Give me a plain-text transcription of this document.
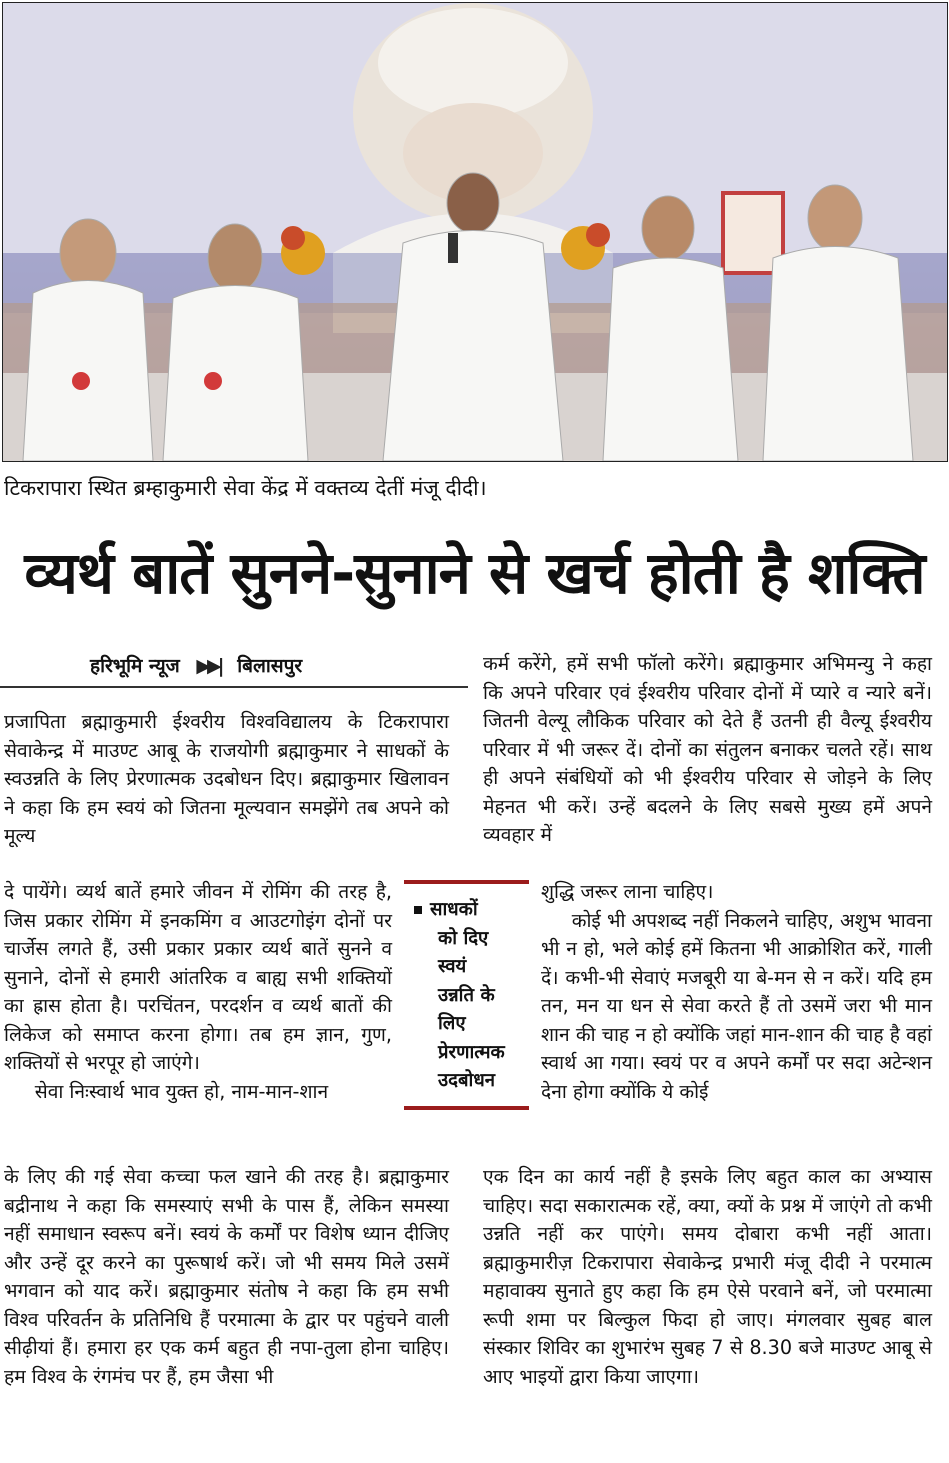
टिकरापारा स्थित ब्रम्हाकुमारी सेवा केंद्र में वक्तव्य देतीं मंजू दीदी।
व्यर्थ बातें सुनने-सुनाने से खर्च होती है शक्ति
हरिभूमि न्यूज ▶▶| बिलासपुर

प्रजापिता ब्रह्माकुमारी ईश्वरीय विश्वविद्यालय के टिकरापारा सेवाकेन्द्र में माउण्ट आबू के राजयोगी ब्रह्माकुमार ने साधकों के स्वउन्नति के लिए प्रेरणात्मक उदबोधन दिए। ब्रह्माकुमार खिलावन ने कहा कि हम स्वयं को जितना मूल्यवान समझेंगे तब अपने को मूल्य

दे पायेंगे। व्यर्थ बातें हमारे जीवन में रोमिंग की तरह है, जिस प्रकार रोमिंग में इनकमिंग व आउटगोइंग दोनों पर चार्जेस लगते हैं, उसी प्रकार प्रकार व्यर्थ बातें सुनने व सुनाने, दोनों से हमारी आंतरिक व बाह्य सभी शक्तियों का ह्रास होता है। परचिंतन, परदर्शन व व्यर्थ बातों की लिकेज को समाप्त करना होगा। तब हम ज्ञान, गुण, शक्तियों से भरपूर हो जाएंगे।

सेवा निःस्वार्थ भाव युक्त हो, नाम-मान-शान

के लिए की गई सेवा कच्चा फल खाने की तरह है। ब्रह्माकुमार बद्रीनाथ ने कहा कि समस्याएं सभी के पास हैं, लेकिन समस्या नहीं समाधान स्वरूप बनें। स्वयं के कर्मों पर विशेष ध्यान दीजिए और उन्हें दूर करने का पुरूषार्थ करें। जो भी समय मिले उसमें भगवान को याद करें। ब्रह्माकुमार संतोष ने कहा कि हम सभी विश्व परिवर्तन के प्रतिनिधि हैं परमात्मा के द्वार पर पहुंचने वाली सीढ़ीयां हैं। हमारा हर एक कर्म बहुत ही नपा-तुला होना चाहिए। हम विश्व के रंगमंच पर हैं, हम जैसा भी

साधकों
को दिए
स्वयं
उन्नति के
लिए
प्रेरणात्मक
उदबोधन

कर्म करेंगे, हमें सभी फॉलो करेंगे। ब्रह्माकुमार अभिमन्यु ने कहा कि अपने परिवार एवं ईश्वरीय परिवार दोनों में प्यारे व न्यारे बनें। जितनी वेल्यू लौकिक परिवार को देते हैं उतनी ही वैल्यू ईश्वरीय परिवार में भी जरूर दें। दोनों का संतुलन बनाकर चलते रहें। साथ ही अपने संबंधियों को भी ईश्वरीय परिवार से जोड़ने के लिए मेहनत भी करें। उन्हें बदलने के लिए सबसे मुख्य हमें अपने व्यवहार में

शुद्धि जरूर लाना चाहिए।

कोई भी अपशब्द नहीं निकलने चाहिए, अशुभ भावना भी न हो, भले कोई हमें कितना भी आक्रोशित करें, गाली दें। कभी-भी सेवाएं मजबूरी या बे-मन से न करें। यदि हम तन, मन या धन से सेवा करते हैं तो उसमें जरा भी मान शान की चाह न हो क्योंकि जहां मान-शान की चाह है वहां स्वार्थ आ गया। स्वयं पर व अपने कर्मों पर सदा अटेन्शन देना होगा क्योंकि ये कोई

एक दिन का कार्य नहीं है इसके लिए बहुत काल का अभ्यास चाहिए। सदा सकारात्मक रहें, क्या, क्यों के प्रश्न में जाएंगे तो कभी उन्नति नहीं कर पाएंगे। समय दोबारा कभी नहीं आता। ब्रह्माकुमारीज़ टिकरापारा सेवाकेन्द्र प्रभारी मंजू दीदी ने परमात्म महावाक्य सुनाते हुए कहा कि हम ऐसे परवाने बनें, जो परमात्मा रूपी शमा पर बिल्कुल फिदा हो जाए। मंगलवार सुबह बाल संस्कार शिविर का शुभारंभ सुबह 7 से 8.30 बजे माउण्ट आबू से आए भाइयों द्वारा किया जाएगा।
